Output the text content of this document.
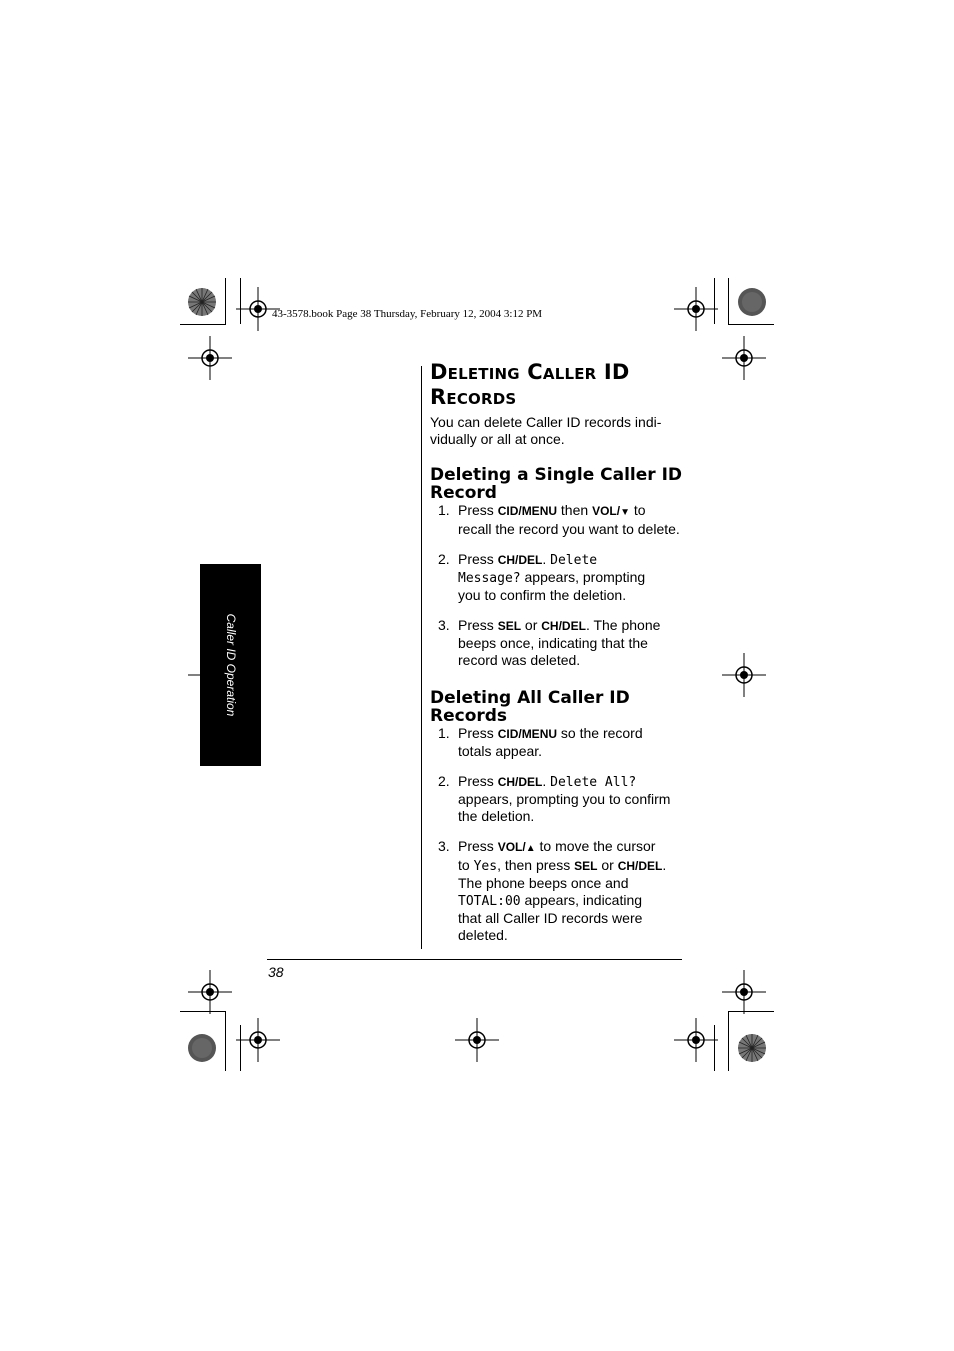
43-3578.book Page 38 Thursday, February 12, 2004 3:12 PM
Caller ID Operation
38
Deleting Caller ID
Records

You can delete Caller ID records indi-
vidually or all at once.

Deleting a Single Caller ID
Record
1. Press CID/MENU then VOL/▼ to
recall the record you want to delete.
2. Press CH/DEL. Delete
Message? appears, prompting
you to confirm the deletion.
3. Press SEL or CH/DEL. The phone
beeps once, indicating that the
record was deleted.
Deleting All Caller ID
Records
1. Press CID/MENU so the record
totals appear.
2. Press CH/DEL. Delete All?
appears, prompting you to confirm
the deletion.
3. Press VOL/▲ to move the cursor
to Yes, then press SEL or CH/DEL.
The phone beeps once and
TOTAL:00 appears, indicating
that all Caller ID records were
deleted.
